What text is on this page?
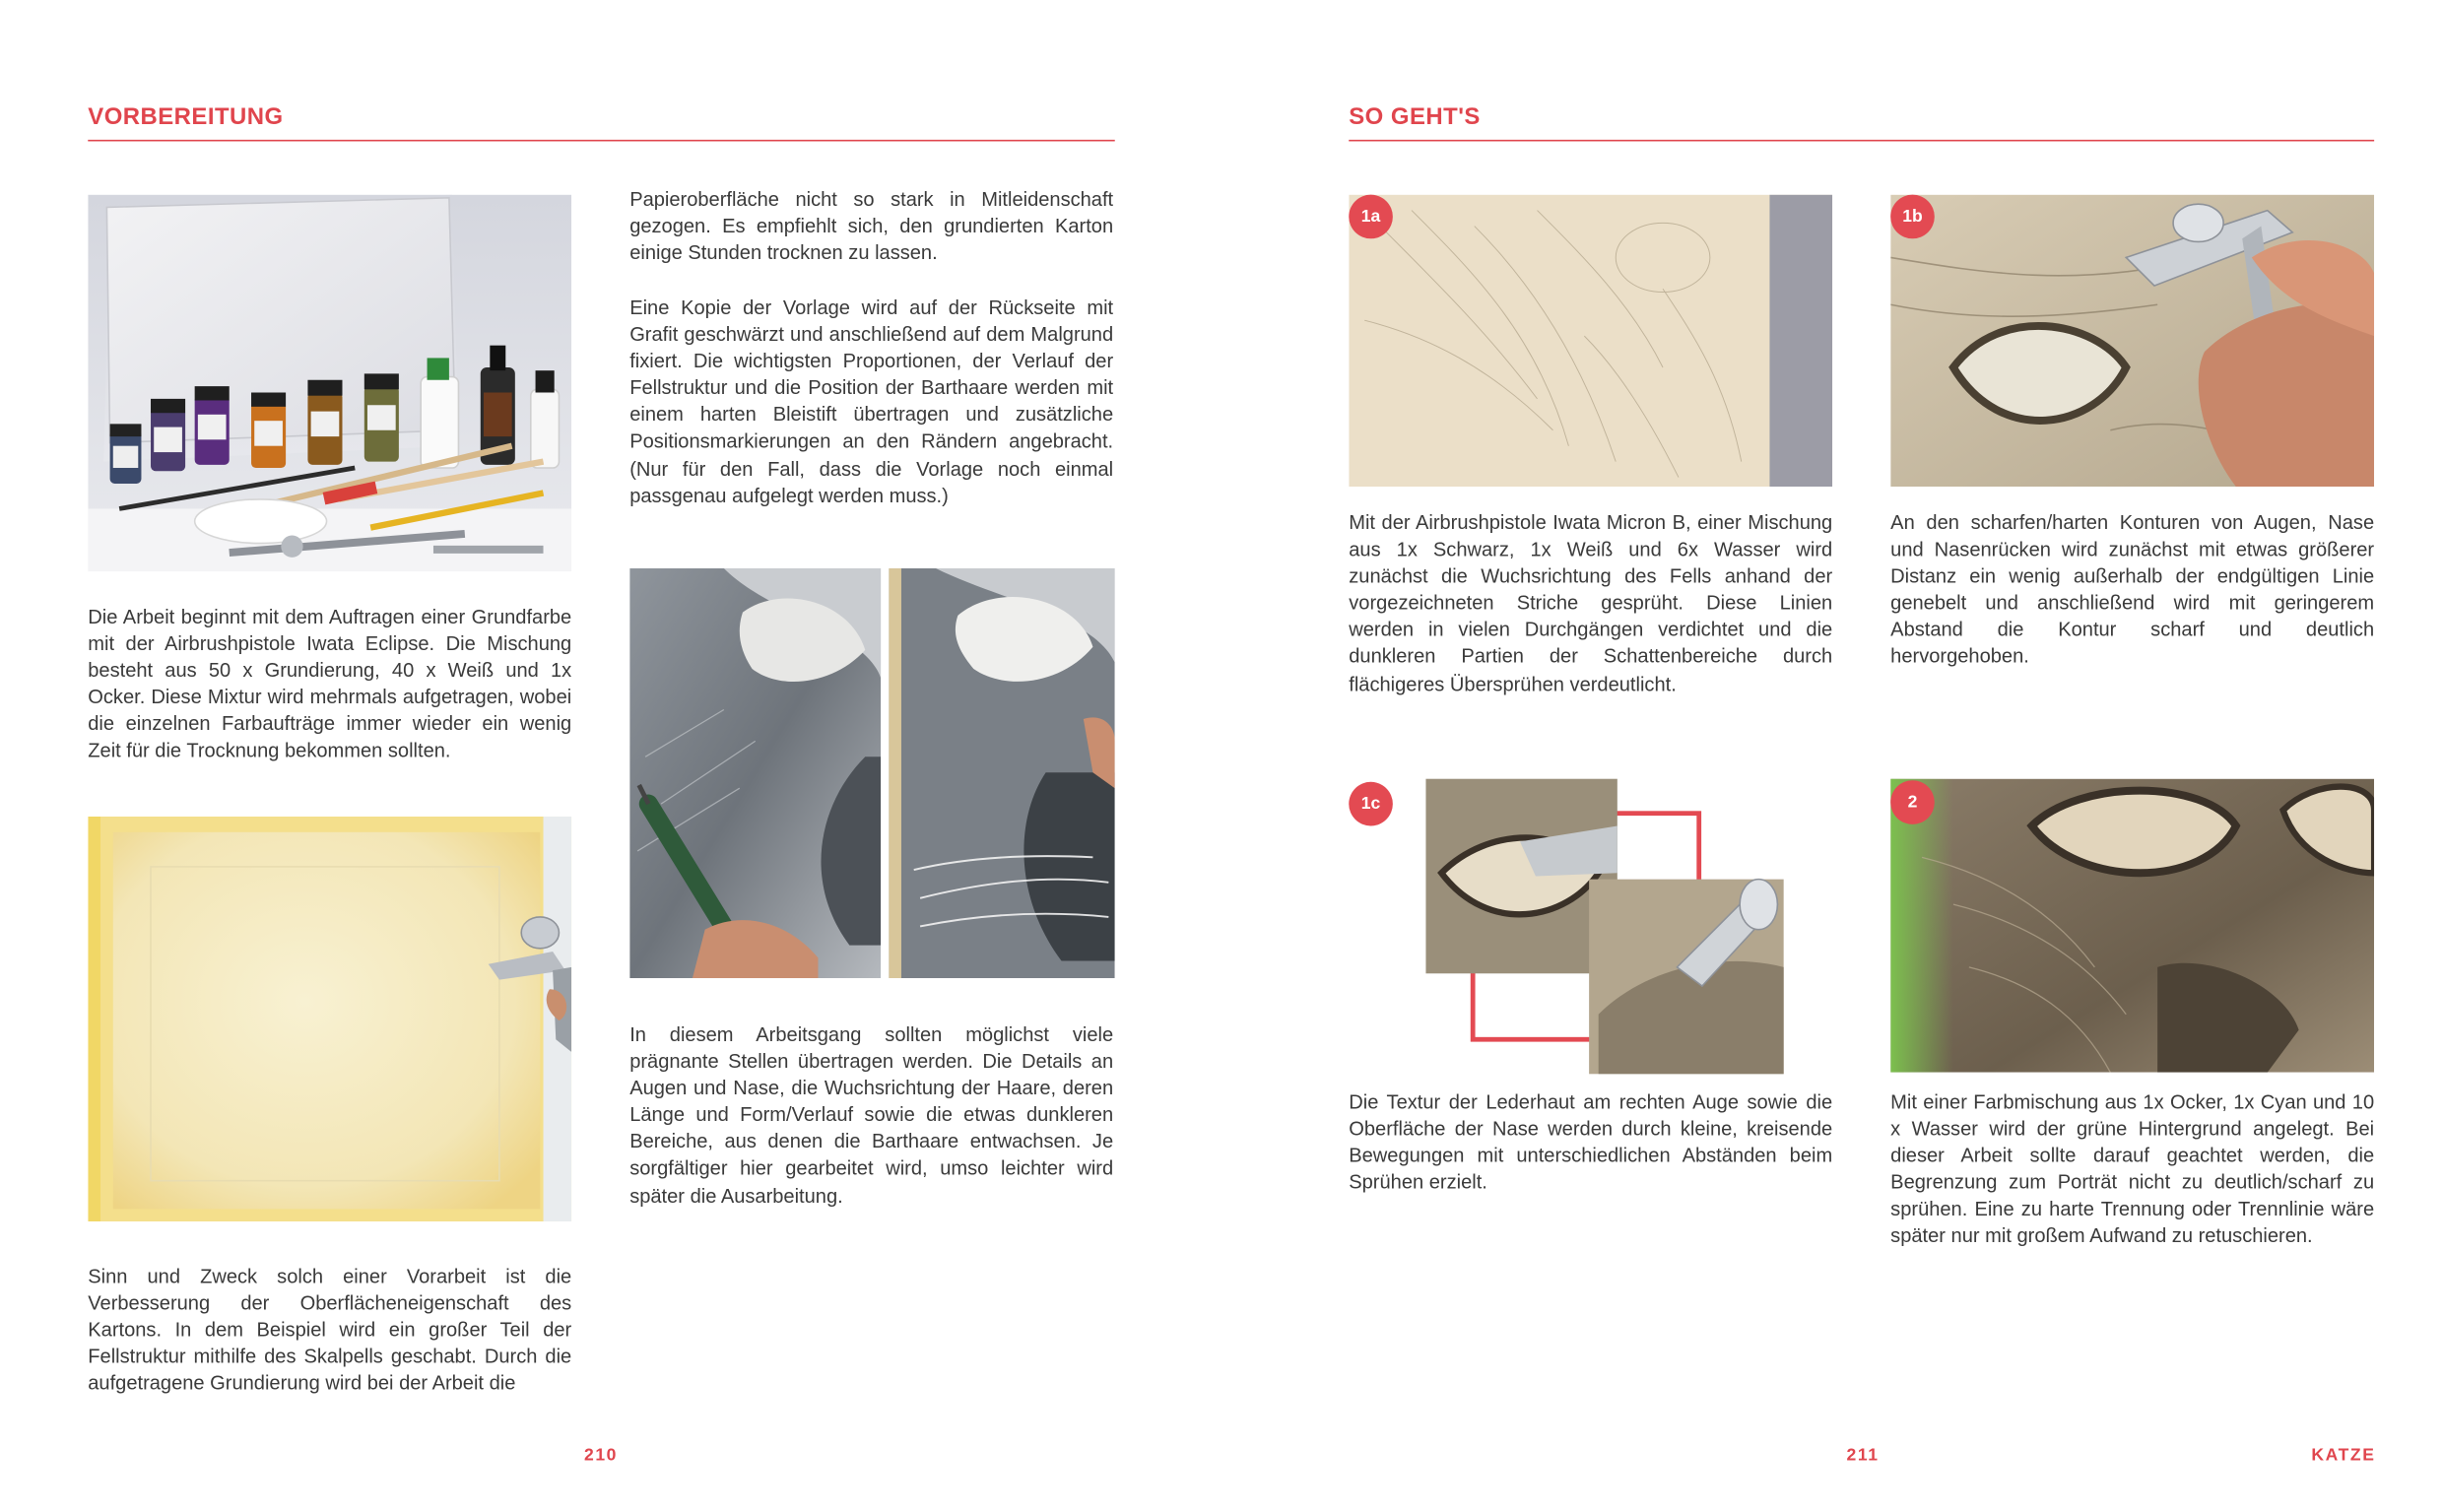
VORBEREITUNG

Die Arbeit beginnt mit dem Auftragen einer Grundfarbe mit der Airbrushpistole Iwata Eclipse. Die Mischung besteht aus 50 x Grundierung, 40 x Weiß und 1x Ocker. Diese Mixtur wird mehrmals aufgetragen, wobei die einzelnen Farbaufträge immer wieder ein wenig Zeit für die Trocknung bekommen sollten.

Sinn und Zweck solch einer Vorarbeit ist die Verbesserung der Oberflächeneigenschaft des Kartons. In dem Beispiel wird ein großer Teil der Fellstruktur mithilfe des Skalpells geschabt. Durch die aufgetragene Grundierung wird bei der Arbeit die

Papieroberfläche nicht so stark in Mitleidenschaft gezogen. Es empfiehlt sich, den grundierten Karton einige Stunden trocknen zu lassen.

Eine Kopie der Vorlage wird auf der Rückseite mit Grafit geschwärzt und anschließend auf dem Malgrund fixiert. Die wichtigsten Proportionen, der Verlauf der Fellstruktur und die Position der Barthaare werden mit einem harten Bleistift übertragen und zusätzliche Positionsmarkierungen an den Rändern angebracht. (Nur für den Fall, dass die Vorlage noch einmal passgenau aufgelegt werden muss.)

In diesem Arbeitsgang sollten möglichst viele prägnante Stellen übertragen werden. Die Details an Augen und Nase, die Wuchsrichtung der Haare, deren Länge und Form/Verlauf sowie die etwas dunkleren Bereiche, aus denen die Barthaare entwachsen. Je sorgfältiger hier gearbeitet wird, umso leichter wird später die Ausarbeitung.

210
SO GEHT'S
1a

Mit der Airbrushpistole Iwata Micron B, einer Mischung aus 1x Schwarz, 1x Weiß und 6x Wasser wird zunächst die Wuchsrichtung des Fells anhand der vorgezeichneten Striche gesprüht. Diese Linien werden in vielen Durchgängen verdichtet und die dunkleren Partien der Schattenbereiche durch flächigeres Übersprühen verdeutlicht.

1b

An den scharfen/harten Konturen von Augen, Nase und Nasenrücken wird zunächst mit etwas größerer Distanz ein wenig außerhalb der endgültigen Linie genebelt und anschließend wird mit geringerem Abstand die Kontur scharf und deutlich hervorgehoben.

1c

Die Textur der Lederhaut am rechten Auge sowie die Oberfläche der Nase werden durch kleine, kreisende Bewegungen mit unterschiedlichen Abständen beim Sprühen erzielt.

2

Mit einer Farbmischung aus 1x Ocker, 1x Cyan und 10 x Wasser wird der grüne Hintergrund angelegt. Bei dieser Arbeit sollte darauf geachtet werden, die Begrenzung zum Porträt nicht zu deutlich/scharf zu sprühen. Eine zu harte Trennung oder Trennlinie wäre später nur mit großem Aufwand zu retuschieren.

211	KATZE
